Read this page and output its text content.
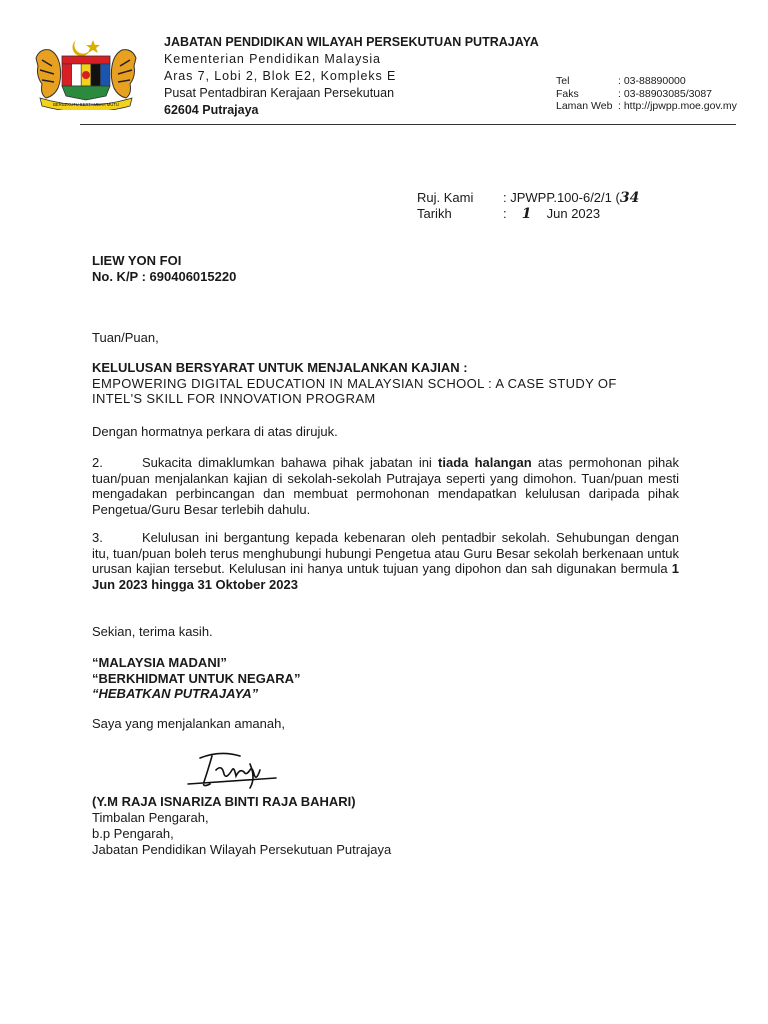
BERSEKUTU BERTAMBAH MUTU
JABATAN PENDIDIKAN WILAYAH PERSEKUTUAN PUTRAJAYA
Kementerian Pendidikan Malaysia
Aras 7, Lobi 2, Blok E2, Kompleks E
Pusat Pentadbiran Kerajaan Persekutuan
62604 Putrajaya
Tel	: 03-88890000
Faks	: 03-88903085/3087
Laman Web : http://jpwpp.moe.gov.my
Ruj. Kami : JPWPP.100-6/2/1 (34
Tarikh	: 1 Jun 2023
LIEW YON FOI
No. K/P : 690406015220
Tuan/Puan,
KELULUSAN BERSYARAT UNTUK MENJALANKAN KAJIAN :
EMPOWERING DIGITAL EDUCATION IN MALAYSIAN SCHOOL : A CASE STUDY OF
INTEL'S SKILL FOR INNOVATION PROGRAM
Dengan hormatnya perkara di atas dirujuk.
2.	Sukacita dimaklumkan bahawa pihak jabatan ini tiada halangan atas permohonan pihak tuan/puan menjalankan kajian di sekolah-sekolah Putrajaya seperti yang dimohon. Tuan/puan mesti mengadakan perbincangan dan membuat permohonan mendapatkan kelulusan daripada pihak Pengetua/Guru Besar terlebih dahulu.
3.	Kelulusan ini bergantung kepada kebenaran oleh pentadbir sekolah. Sehubungan dengan itu, tuan/puan boleh terus menghubungi hubungi Pengetua atau Guru Besar sekolah berkenaan untuk urusan kajian tersebut. Kelulusan ini hanya untuk tujuan yang dipohon dan sah digunakan bermula 1 Jun 2023 hingga 31 Oktober 2023
Sekian, terima kasih.
“MALAYSIA MADANI”
“BERKHIDMAT UNTUK NEGARA”
“HEBATKAN PUTRAJAYA”
Saya yang menjalankan amanah,
(Y.M RAJA ISNARIZA BINTI RAJA BAHARI)
Timbalan Pengarah,
b.p Pengarah,
Jabatan Pendidikan Wilayah Persekutuan Putrajaya
